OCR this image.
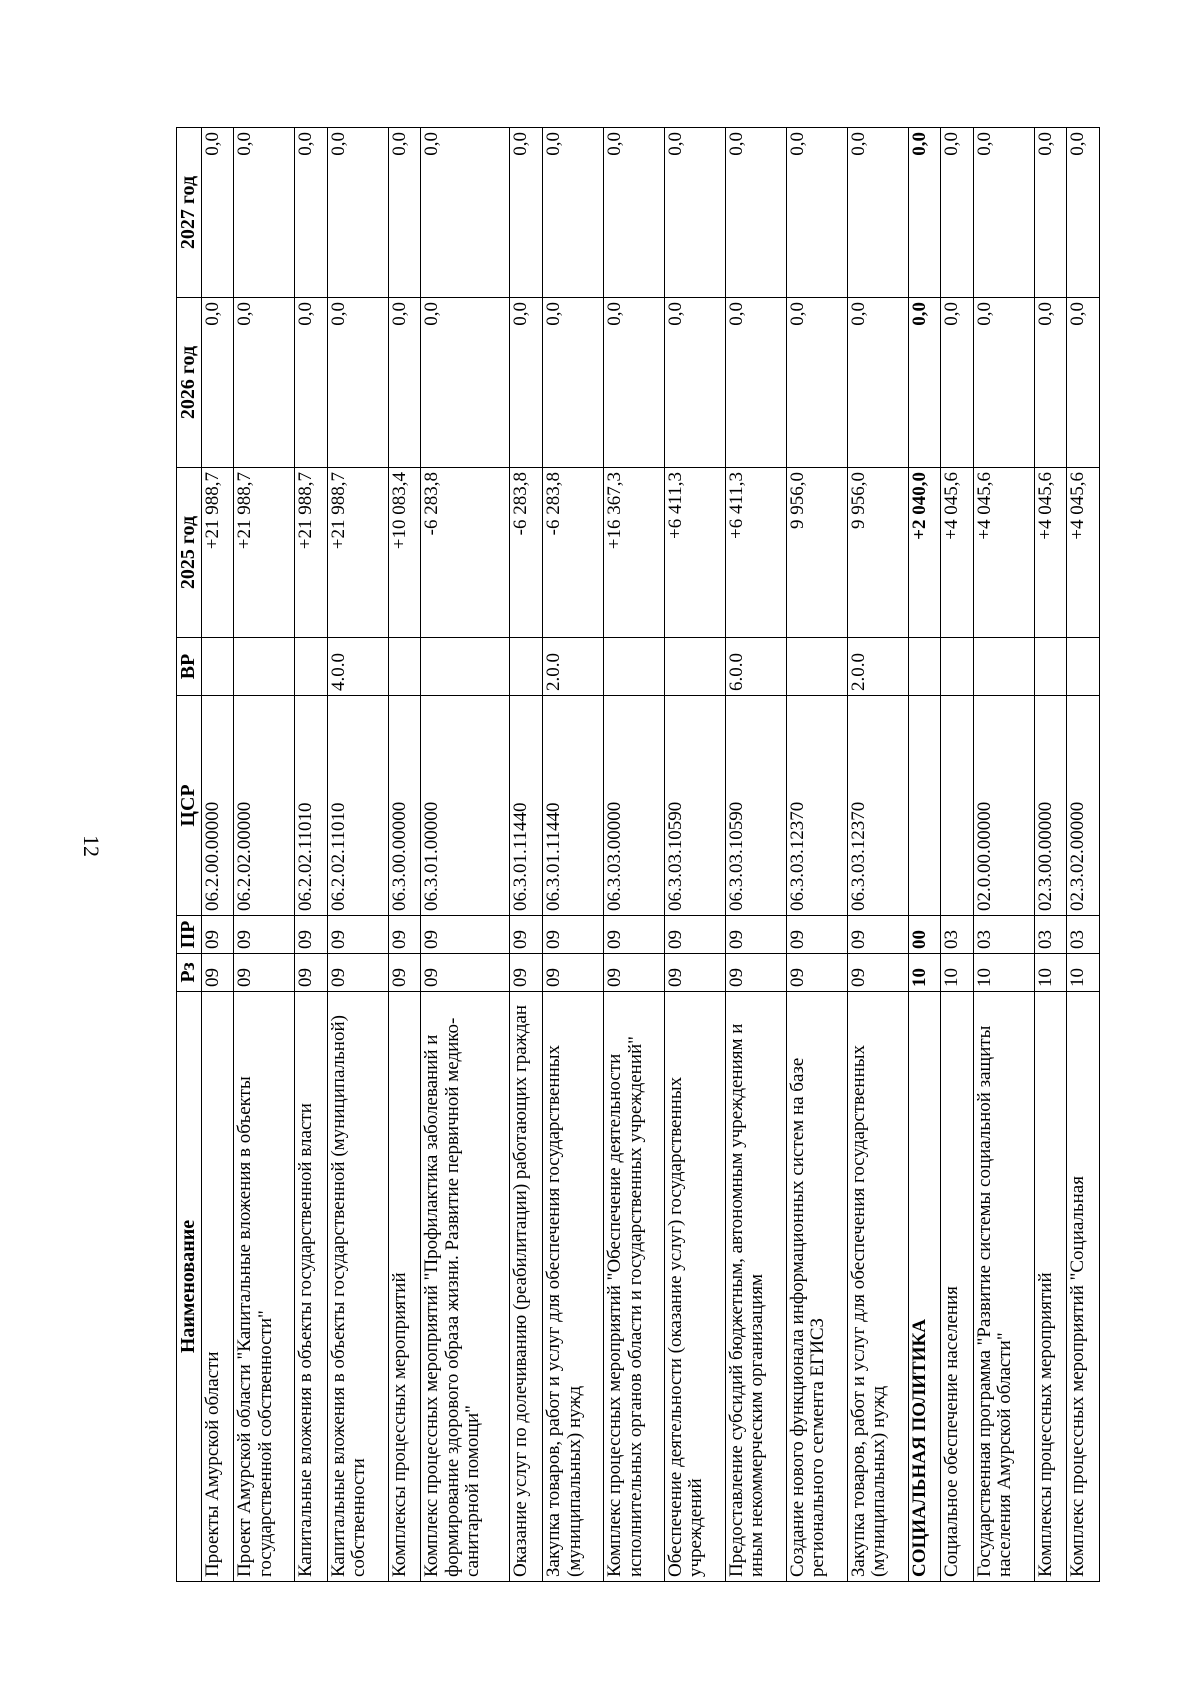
12
Наименование	Рз	ПР	ЦСР	ВР	2025 год	2026 год	2027 год
Проекты Амурской области	09	09	06.2.00.00000		+21 988,7	0,0	0,0
Проект Амурской области "Капитальные вложения в объекты государственной собственности"	09	09	06.2.02.00000		+21 988,7	0,0	0,0
Капитальные вложения в объекты государственной власти	09	09	06.2.02.11010		+21 988,7	0,0	0,0
Капитальные вложения в объекты государственной (муниципальной) собственности	09	09	06.2.02.11010	4.0.0	+21 988,7	0,0	0,0
Комплексы процессных мероприятий	09	09	06.3.00.00000		+10 083,4	0,0	0,0
Комплекс процессных мероприятий "Профилактика заболеваний и формирование здорового образа жизни. Развитие первичной медико-санитарной помощи"	09	09	06.3.01.00000		-6 283,8	0,0	0,0
Оказание услуг по долечиванию (реабилитации) работающих граждан	09	09	06.3.01.11440		-6 283,8	0,0	0,0
Закупка товаров, работ и услуг для обеспечения государственных (муниципальных) нужд	09	09	06.3.01.11440	2.0.0	-6 283,8	0,0	0,0
Комплекс процессных мероприятий "Обеспечение деятельности исполнительных органов области и государственных учреждений"	09	09	06.3.03.00000		+16 367,3	0,0	0,0
Обеспечение деятельности (оказание услуг) государственных учреждений	09	09	06.3.03.10590		+6 411,3	0,0	0,0
Предоставление субсидий бюджетным, автономным учреждениям и иным некоммерческим организациям	09	09	06.3.03.10590	6.0.0	+6 411,3	0,0	0,0
Создание нового функционала информационных систем на базе регионального сегмента ЕГИСЗ	09	09	06.3.03.12370		9 956,0	0,0	0,0
Закупка товаров, работ и услуг для обеспечения государственных (муниципальных) нужд	09	09	06.3.03.12370	2.0.0	9 956,0	0,0	0,0
СОЦИАЛЬНАЯ ПОЛИТИКА	10	00			+2 040,0	0,0	0,0
Социальное обеспечение населения	10	03			+4 045,6	0,0	0,0
Государственная программа "Развитие системы социальной защиты населения Амурской области"	10	03	02.0.00.00000		+4 045,6	0,0	0,0
Комплексы процессных мероприятий	10	03	02.3.00.00000		+4 045,6	0,0	0,0
Комплекс процессных мероприятий "Социальная	10	03	02.3.02.00000		+4 045,6	0,0	0,0
